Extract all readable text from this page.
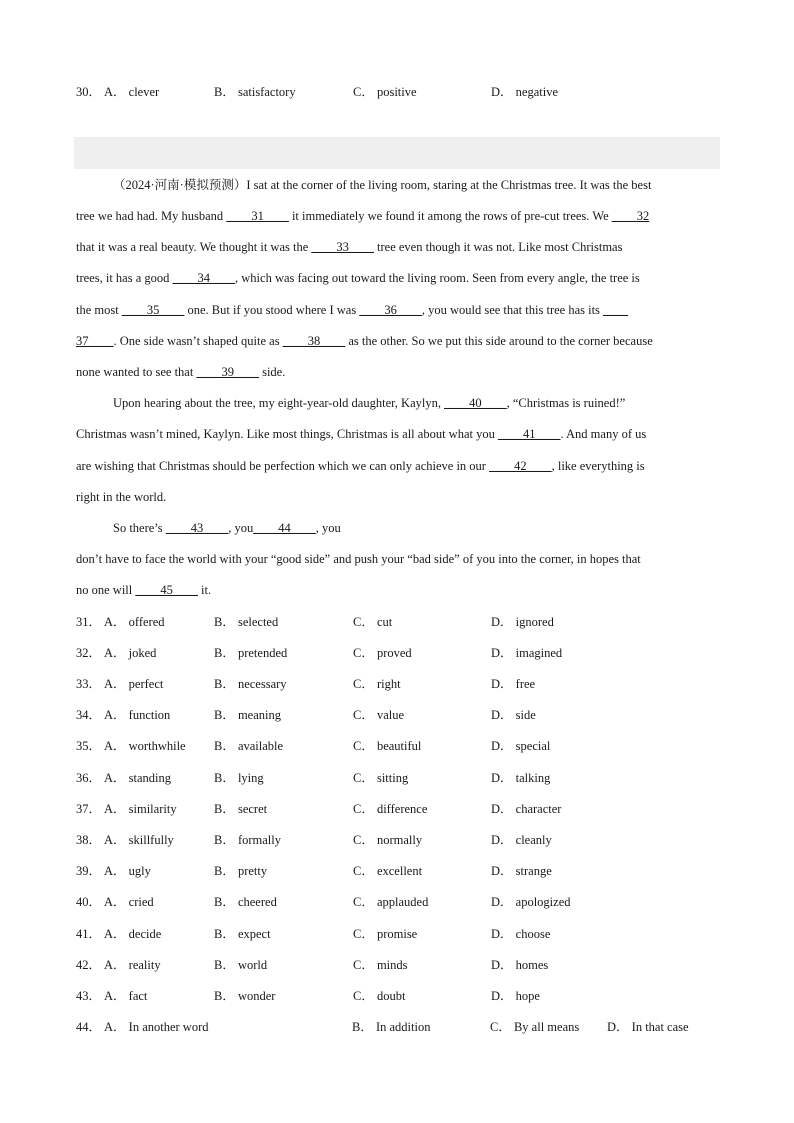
30． A． clever	B． satisfactory	C． positive	D． negative
（2024·河南·模拟预测）I sat at the corner of the living room, staring at the Christmas tree. It was the best
tree we had had. My husband ____31____ it immediately we found it among the rows of pre-cut trees. We ____32
that it was a real beauty. We thought it was the ____33____ tree even though it was not. Like most Christmas
trees, it has a good ____34____, which was facing out toward the living room. Seen from every angle, the tree is
the most ____35____ one. But if you stood where I was ____36____, you would see that this tree has its ____
37____. One side wasn’t shaped quite as ____38____ as the other. So we put this side around to the corner because
none wanted to see that ____39____ side.
Upon hearing about the tree, my eight-year-old daughter, Kaylyn, ____40____, “Christmas is ruined!”
Christmas wasn’t mined, Kaylyn. Like most things, Christmas is all about what you ____41____. And many of us
are wishing that Christmas should be perfection which we can only achieve in our ____42____, like everything is
right in the world.
So there’s ____43____, you____44____, you
don’t have to face the world with your “good side” and push your “bad side” of you into the corner, in hopes that
no one will ____45____ it.
31． A． offered	B． selected	C． cut	D． ignored
32． A． joked	B． pretended	C． proved	D． imagined
33． A． perfect	B． necessary	C． right	D． free
34． A． function	B． meaning	C． value	D． side
35． A． worthwhile B． available	C． beautiful	D． special
36． A． standing	B． lying	C． sitting	D． talking
37． A． similarity	B． secret	C． difference	D． character
38． A． skillfully	B． formally	C． normally	D． cleanly
39． A． ugly	B． pretty	C． excellent	D． strange
40． A． cried	B． cheered	C． applauded	D． apologized
41． A． decide	B． expect	C． promise	D． choose
42． A． reality	B． world	C． minds	D． homes
43． A． fact	B． wonder	C． doubt	D． hope
44． A． In another word	B． In addition	C． By all means D． In that case
